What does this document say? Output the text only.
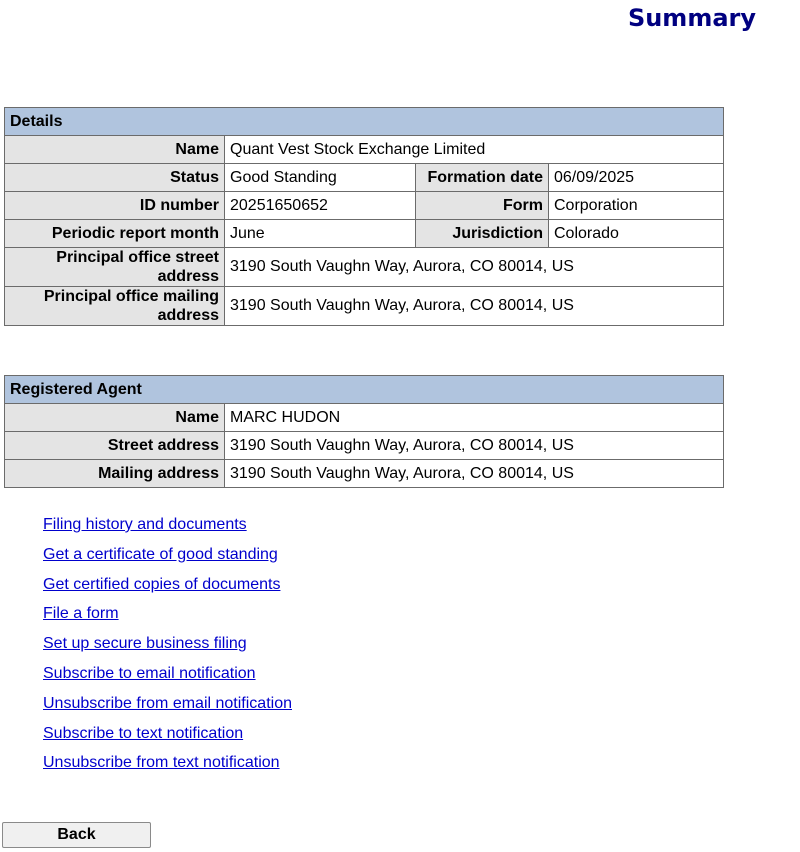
Summary
Details			
Name	Quant Vest Stock Exchange Limited		
Status	Good Standing	Formation date	06/09/2025
ID number	20251650652	Form	Corporation
Periodic report month	June	Jurisdiction	Colorado
Principal office street address	3190 South Vaughn Way, Aurora, CO 80014, US		
Principal office mailing address	3190 South Vaughn Way, Aurora, CO 80014, US		
Registered Agent	
Name	MARC HUDON
Street address	3190 South Vaughn Way, Aurora, CO 80014, US
Mailing address	3190 South Vaughn Way, Aurora, CO 80014, US
Filing history and documents
Get a certificate of good standing
Get certified copies of documents
File a form
Set up secure business filing
Subscribe to email notification
Unsubscribe from email notification
Subscribe to text notification
Unsubscribe from text notification
Back
